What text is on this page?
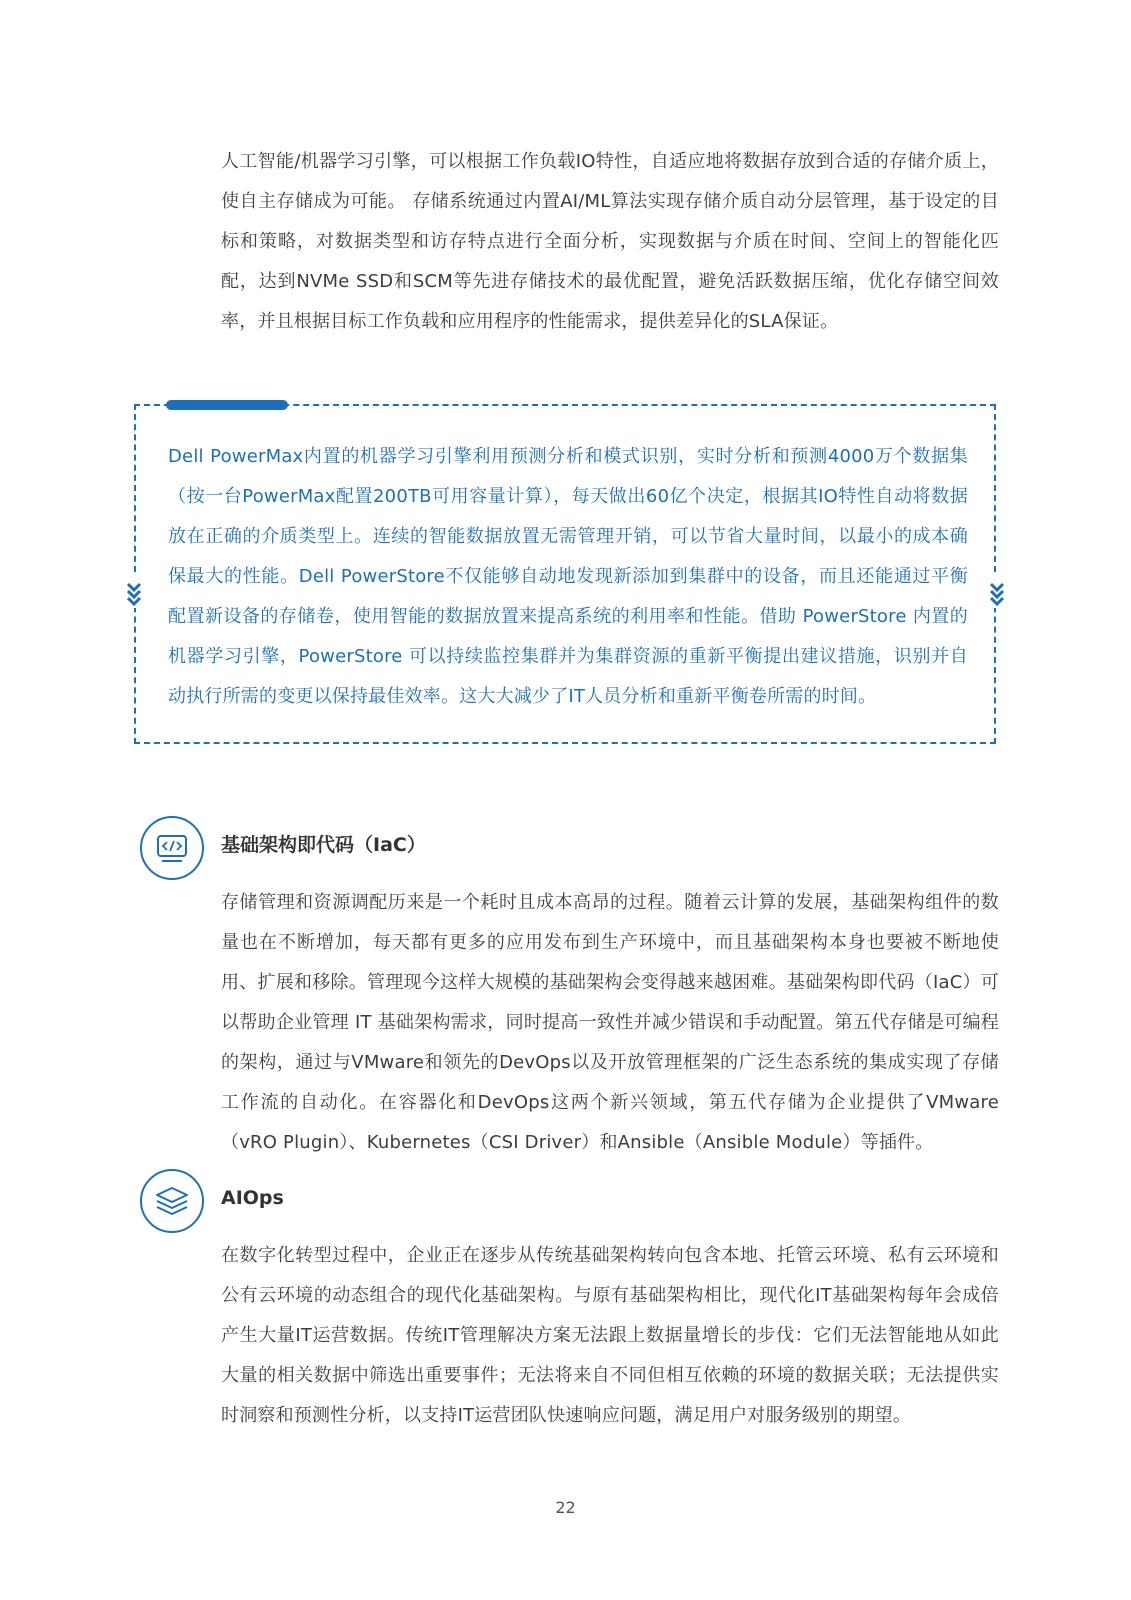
人工智能/机器学习引擎，可以根据工作负载IO特性，自适应地将数据存放到合适的存储介质上，使自主存储成为可能。 存储系统通过内置AI/ML算法实现存储介质自动分层管理，基于设定的目标和策略，对数据类型和访存特点进行全面分析，实现数据与介质在时间、空间上的智能化匹配，达到NVMe SSD和SCM等先进存储技术的最优配置，避免活跃数据压缩，优化存储空间效率，并且根据目标工作负载和应用程序的性能需求，提供差异化的SLA保证。

Dell PowerMax内置的机器学习引擎利用预测分析和模式识别，实时分析和预测4000万个数据集（按一台PowerMax配置200TB可用容量计算），每天做出60亿个决定，根据其IO特性自动将数据放在正确的介质类型上。连续的智能数据放置无需管理开销，可以节省大量时间，以最小的成本确保最大的性能。Dell PowerStore不仅能够自动地发现新添加到集群中的设备，而且还能通过平衡配置新设备的存储卷，使用智能的数据放置来提高系统的利用率和性能。借助 PowerStore 内置的机器学习引擎，PowerStore 可以持续监控集群并为集群资源的重新平衡提出建议措施，识别并自动执行所需的变更以保持最佳效率。这大大减少了IT人员分析和重新平衡卷所需的时间。

基础架构即代码（IaC）

存储管理和资源调配历来是一个耗时且成本高昂的过程。随着云计算的发展，基础架构组件的数量也在不断增加，每天都有更多的应用发布到生产环境中，而且基础架构本身也要被不断地使用、扩展和移除。管理现今这样大规模的基础架构会变得越来越困难。基础架构即代码（IaC）可以帮助企业管理 IT 基础架构需求，同时提高一致性并减少错误和手动配置。第五代存储是可编程的架构，通过与VMware和领先的DevOps以及开放管理框架的广泛生态系统的集成实现了存储工作流的自动化。在容器化和DevOps这两个新兴领域，第五代存储为企业提供了VMware（vRO Plugin）、Kubernetes（CSI Driver）和Ansible（Ansible Module）等插件。

AIOps

在数字化转型过程中，企业正在逐步从传统基础架构转向包含本地、托管云环境、私有云环境和公有云环境的动态组合的现代化基础架构。与原有基础架构相比，现代化IT基础架构每年会成倍产生大量IT运营数据。传统IT管理解决方案无法跟上数据量增长的步伐：它们无法智能地从如此大量的相关数据中筛选出重要事件；无法将来自不同但相互依赖的环境的数据关联；无法提供实时洞察和预测性分析，以支持IT运营团队快速响应问题，满足用户对服务级别的期望。

22
